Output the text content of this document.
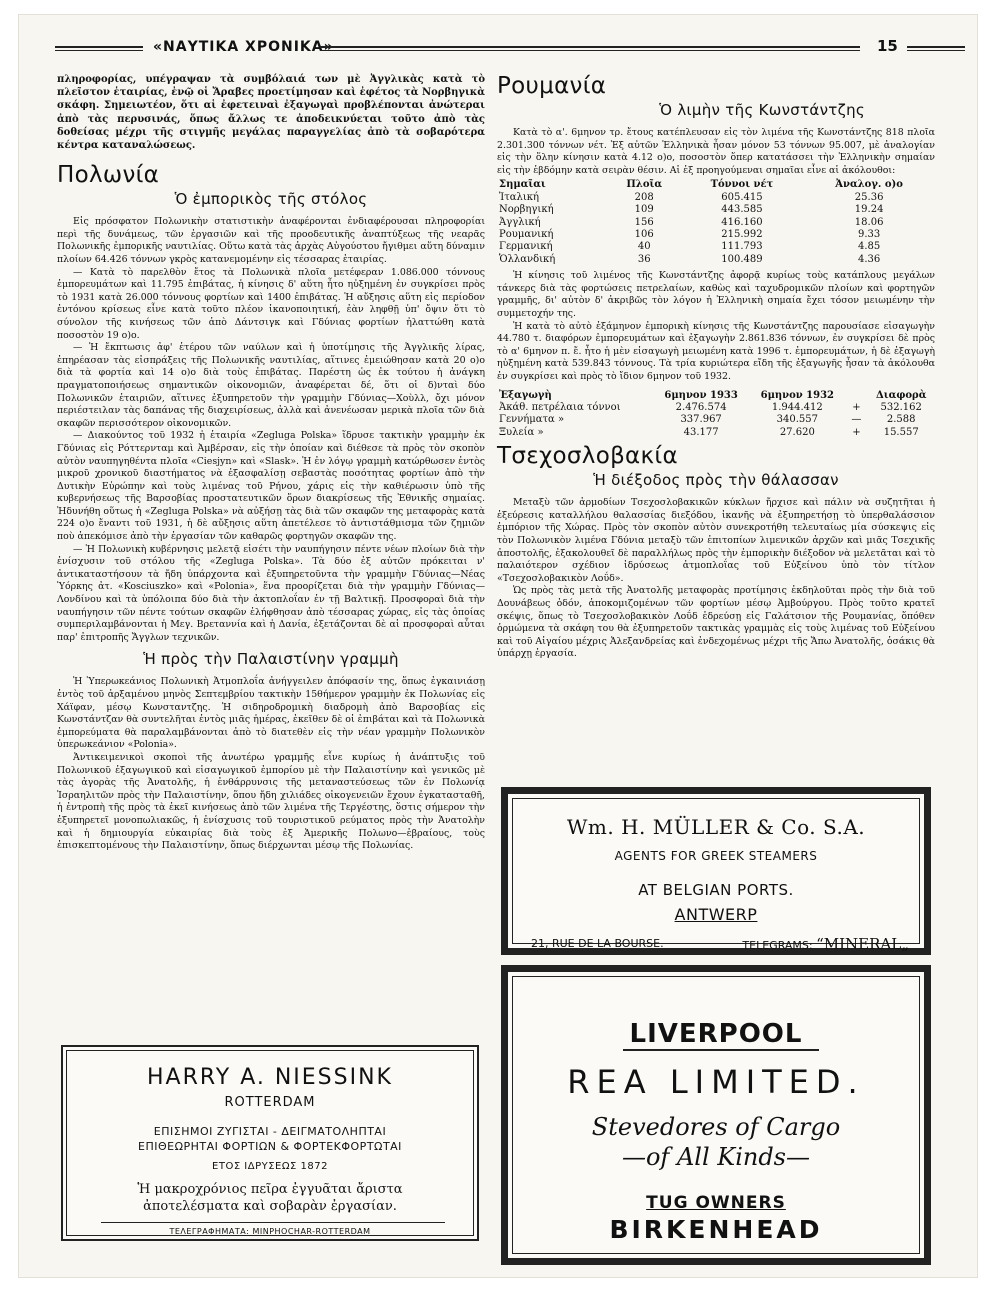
«ΝΑΥΤΙΚΑ ΧΡΟΝΙΚΑ»	15
πληροφορίας, υπέγραψαν τὰ συμβόλαιά των μὲ Ἀγγλικὰς κατὰ τὸ πλεῖστον ἑταιρίας, ἐνῷ οἱ Ἄραβες προετίμησαν καὶ ἐφέτος τὰ Νορβηγικὰ σκάφη. Σημειωτέον, ὅτι αἱ ἐφετειναὶ ἐξαγωγαὶ προβλέπονται ἀνώτεραι ἀπὸ τὰς περυσινάς, ὅπως ἄλλως τε ἀποδεικνύεται τοῦτο ἀπὸ τὰς δοθείσας μέχρι τῆς στιγμῆς μεγάλας παραγγελίας ἀπὸ τὰ σοβαρότερα κέντρα καταναλώσεως.
Πολωνία
Ὁ ἐμπορικὸς τῆς στόλος

Εἰς πρόσφατον Πολωνικὴν στατιστικὴν ἀναφέρονται ἐνδιαφέρουσαι πληροφορίαι περὶ τῆς δυνάμεως, τῶν ἐργασιῶν καὶ τῆς προοδευτικῆς ἀναπτύξεως τῆς νεαρᾶς Πολωνικῆς ἐμπορικῆς ναυτιλίας. Οὕτω κατὰ τὰς ἀρχὰς Αὐγούστου ἤγιθμει αὕτη δύναμιν πλοίων 64.426 τόννων γκρὸς κατανεμομένην εἰς τέσσαρας ἑταιρίας.

— Κατὰ τὸ παρελθὸν ἔτος τὰ Πολωνικὰ πλοῖα μετέφεραν 1.086.000 τόννους ἐμπορευμάτων καὶ 11.795 ἐπιβάτας, ἡ κίνησις δ' αὕτη ἦτο ηὐξημένη ἐν συγκρίσει πρὸς τὸ 1931 κατὰ 26.000 τόννους φορτίων καὶ 1400 ἐπιβάτας. Ἡ αὔξησις αὕτη εἰς περίοδον ἐντόνου κρίσεως εἶνε κατὰ τοῦτο πλέον ἱκανοποιητική, ἐὰν ληφθῇ ὑπ' ὄψιν ὅτι τὸ σύνολον τῆς κινήσεως τῶν ἀπὸ Δάντσιγκ καὶ Γδύνιας φορτίων ἠλαττώθη κατὰ ποσοστὸν 19 ο)ο.

— Ἡ ἔκπτωσις ἀφ' ἑτέρου τῶν ναύλων καὶ ἡ ὑποτίμησις τῆς Ἀγγλικῆς λίρας, ἐπηρέασαν τὰς εἰσπράξεις τῆς Πολωνικῆς ναυτιλίας, αἵτινες ἐμειώθησαν κατὰ 20 ο)ο διὰ τὰ φορτία καὶ 14 ο)ο διὰ τοὺς ἐπιβάτας. Παρέστη ὡς ἐκ τούτου ἡ ἀνάγκη πραγματοποιήσεως σημαντικῶν οἰκονομιῶν, ἀναφέρεται δέ, ὅτι οἱ δ)νταὶ δύο Πολωνικῶν ἑταιριῶν, αἵτινες ἐξυπηρετοῦν τὴν γραμμὴν Γδύνιας—Χοὺλλ, ὄχι μόνον περιέστειλαν τὰς δαπάνας τῆς διαχειρίσεως, ἀλλὰ καὶ ἀνενέωσαν μερικὰ πλοῖα τῶν διὰ σκαφῶν περισσότερον οἰκονομικῶν.

— Διακούντος τοῦ 1932 ἡ ἑταιρία «Zegluga Polska» ἵδρυσε τακτικὴν γραμμὴν ἐκ Γδύνιας εἰς Ρόττερνταμ καὶ Ἀμβέρσαν, εἰς τὴν ὁποίαν καὶ διέθεσε τὰ πρὸς τὸν σκοπὸν αὐτὸν ναυπηγηθέντα πλοῖα «Ciesjyn» καὶ «Slask». Ἡ ἐν λόγῳ γραμμὴ κατώρθωσεν ἐντὸς μικροῦ χρονικοῦ διαστήματος νὰ ἐξασφαλίσῃ σεβαστὰς ποσότητας φορτίων ἀπὸ τὴν Δυτικὴν Εὐρώπην καὶ τοὺς λιμένας τοῦ Ρήνου, χάρις εἰς τὴν καθιέρωσιν ὑπὸ τῆς κυβερνήσεως τῆς Βαρσοβίας προστατευτικῶν ὅρων διακρίσεως τῆς Ἐθνικῆς σημαίας. Ἠδυνήθη οὕτως ἡ «Zegluga Polska» νὰ αὐξήσῃ τὰς διὰ τῶν σκαφῶν της μεταφορὰς κατὰ 224 ο)ο ἔναντι τοῦ 1931, ἡ δὲ αὔξησις αὕτη ἀπετέλεσε τὸ ἀντιστάθμισμα τῶν ζημιῶν ποὺ ἀπεκόμισε ἀπὸ τὴν ἐργασίαν τῶν καθαρῶς φορτηγῶν σκαφῶν της.

— Ἡ Πολωνικὴ κυβέρνησις μελετᾷ εἰσέτι τὴν ναυπήγησιν πέντε νέων πλοίων διὰ τὴν ἐνίσχυσιν τοῦ στόλου τῆς «Zegluga Polska». Τὰ δύο ἐξ αὐτῶν πρόκειται ν' ἀντικαταστήσουν τὰ ἤδη ὑπάρχοντα καὶ ἐξυπηρετοῦντα τὴν γραμμὴν Γδύνιας—Νέας Ὑόρκης ἀτ. «Kosciuszko» καὶ «Polonia», ἕνα προορίζεται διὰ τὴν γραμμὴν Γδύνιας—Λονδίνου καὶ τὰ ὑπόλοιπα δύο διὰ τὴν ἀκτοπλοΐαν ἐν τῇ Βαλτικῇ. Προσφοραὶ διὰ τὴν ναυπήγησιν τῶν πέντε τούτων σκαφῶν ἐλήφθησαν ἀπὸ τέσσαρας χώρας, εἰς τὰς ὁποίας συμπεριλαμβάνονται ἡ Μεγ. Βρεταννία καὶ ἡ Δανία, ἐξετάζονται δὲ αἱ προσφοραὶ αὗται παρ' ἐπιτροπῆς Ἄγγλων τεχνικῶν.

Ἡ πρὸς τὴν Παλαιστίνην γραμμὴ

Ἡ Ὑπερωκεάνιος Πολωνικὴ Ἀτμοπλοΐα ἀνήγγειλεν ἀπόφασίν της, ὅπως ἐγκαινιάσῃ ἐντὸς τοῦ ἀρξαμένου μηνὸς Σεπτεμβρίου τακτικὴν 15θήμερον γραμμὴν ἐκ Πολωνίας εἰς Χάϊφαν, μέσῳ Κωνσταντζης. Ἡ σιδηροδρομικὴ διαδρομὴ ἀπὸ Βαρσοβίας εἰς Κωνστάντζαν θὰ συντελῆται ἐντὸς μιᾶς ἡμέρας, ἐκεῖθεν δὲ οἱ ἐπιβάται καὶ τὰ Πολωνικὰ ἐμπορεύματα θὰ παραλαμβάνονται ἀπὸ τὸ διατεθὲν εἰς τὴν νέαν γραμμὴν Πολωνικὸν ὑπερωκεάνιον «Polonia».

Ἀντικειμενικοὶ σκοποὶ τῆς ἀνωτέρω γραμμῆς εἶνε κυρίως ἡ ἀνάπτυξις τοῦ Πολωνικοῦ ἐξαγωγικοῦ καὶ εἰσαγωγικοῦ ἐμπορίου μὲ τὴν Παλαιστίνην καὶ γενικῶς μὲ τὰς ἀγορὰς τῆς Ἀνατολῆς, ἡ ἐνθάρρυνσις τῆς μεταναστεύσεως τῶν ἐν Πολωνίᾳ Ἰσραηλιτῶν πρὸς τὴν Παλαιστίνην, ὅπου ἤδη χιλιάδες οἰκογενειῶν ἔχουν ἐγκατασταθῆ, ἡ ἐντροπὴ τῆς πρὸς τὰ ἐκεῖ κινήσεως ἀπὸ τῶν λιμένα τῆς Τεργέστης, ὅστις σήμερον τὴν ἐξυπηρετεῖ μονοπωλιακῶς, ἡ ἐνίσχυσις τοῦ τουριστικοῦ ρεύματος πρὸς τὴν Ἀνατολὴν καὶ ἡ δημιουργία εὐκαιρίας διὰ τοὺς ἐξ Ἀμερικῆς Πολωνο—ἑβραίους, τοὺς ἐπισκεπτομένους τὴν Παλαιστίνην, ὅπως διέρχωνται μέσῳ τῆς Πολωνίας.

Ρουμανία
Ὁ λιμὴν τῆς Κωνστάντζης

Κατὰ τὸ α'. 6μηνον τρ. ἔτους κατέπλευσαν εἰς τὸν λιμένα τῆς Κωνστάντζης 818 πλοῖα 2.301.300 τόννων νέτ. Ἐξ αὐτῶν Ἑλληνικὰ ἦσαν μόνον 53 τόννων 95.007, μὲ ἀναλογίαν εἰς τὴν ὅλην κίνησιν κατὰ 4.12 ο)ο, ποσοστὸν ὅπερ κατατάσσει τὴν Ἑλληνικὴν σημαίαν εἰς τὴν ἑβδόμην κατὰ σειρὰν θέσιν. Αἱ ἐξ προηγούμεναι σημαῖαι εἶνε αἱ ἀκόλουθοι:

Σημαῖαι	Πλοῖα	Τόννοι νέτ	Ἀναλογ. ο)ο
Ἰταλική	208	605.415	25.36
Νορβηγική	109	443.585	19.24
Ἀγγλική	156	416.160	18.06
Ρουμανική	106	215.992	9.33
Γερμανική	40	111.793	4.85
Ὁλλανδική	36	100.489	4.36

Ἡ κίνησις τοῦ λιμένος τῆς Κωνστάντζης ἀφορᾷ κυρίως τοὺς κατάπλους μεγάλων τάνκερς διὰ τὰς φορτώσεις πετρελαίων, καθὼς καὶ ταχυδρομικῶν πλοίων καὶ φορτηγῶν γραμμῆς, δι' αὐτὸν δ' ἀκριβῶς τὸν λόγον ἡ Ἑλληνικὴ σημαία ἔχει τόσον μειωμένην τὴν συμμετοχήν της.

Ἡ κατὰ τὸ αὐτὸ ἑξάμηνον ἐμπορικὴ κίνησις τῆς Κωνστάντζης παρουσίασε εἰσαγωγὴν 44.780 τ. διαφόρων ἐμπορευμάτων καὶ ἐξαγωγὴν 2.861.836 τόννων, ἐν συγκρίσει δὲ πρὸς τὸ α' 6μηνον π. ἔ. ἦτο ἡ μὲν εἰσαγωγὴ μειωμένη κατὰ 1996 τ. ἐμπορευμάτων, ἡ δὲ ἐξαγωγὴ ηὐξημένη κατὰ 539.843 τόννους. Τὰ τρία κυριώτερα εἴδη τῆς ἐξαγωγῆς ἦσαν τὰ ἀκόλουθα ἐν συγκρίσει καὶ πρὸς τὸ ἴδιον 6μηνον τοῦ 1932.

Ἐξαγωγὴ	6μηνον 1933	6μηνον 1932		Διαφορὰ
Ἀκάθ. πετρέλαια τόννοι	2.476.574	1.944.412	+	532.162
Γεννήματα »	337.967	340.557	—	2.588
Ξυλεία »	43.177	27.620	+	15.557
Τσεχοσλοβακία
Ἡ διέξοδος πρὸς τὴν θάλασσαν

Μεταξὺ τῶν ἁρμοδίων Τσεχοσλοβακικῶν κύκλων ἤρχισε καὶ πάλιν νὰ συζητῆται ἡ ἐξεύρεσις καταλλήλου θαλασσίας διεξόδου, ἱκανῆς νὰ ἐξυπηρετήσῃ τὸ ὑπερθαλάσσιον ἐμπόριον τῆς Χώρας. Πρὸς τὸν σκοπὸν αὐτὸν συνεκροτήθη τελευταίως μία σύσκεψις εἰς τὸν Πολωνικὸν λιμένα Γδύνια μεταξὺ τῶν ἐπιτοπίων λιμενικῶν ἀρχῶν καὶ μιᾶς Τσεχικῆς ἀποστολῆς, ἐξακολουθεῖ δὲ παραλλήλως πρὸς τὴν ἐμπορικὴν διέξοδον νὰ μελετᾶται καὶ τὸ παλαιότερον σχέδιον ἱδρύσεως ἀτμοπλοΐας τοῦ Εὐξείνου ὑπὸ τὸν τίτλον «Τσεχοσλοβακικὸν Λοΰδ».

Ὡς πρὸς τὰς μετὰ τῆς Ἀνατολῆς μεταφορὰς προτίμησις ἐκδηλοῦται πρὸς τὴν διὰ τοῦ Δουνάβεως ὁδόν, ἀποκομιζομένων τῶν φορτίων μέσῳ Ἀμβούργου. Πρὸς τοῦτο κρατεῖ σκέψις, ὅπως τὸ Τσεχοσλοβακικὸν Λοΰδ ἑδρεύσῃ εἰς Γαλάτσιον τῆς Ρουμανίας, ὅπόθεν ὁρμώμενα τὰ σκάφη του θὰ ἐξυπηρετοῦν τακτικὰς γραμμὰς εἰς τοὺς λιμένας τοῦ Εὐξείνου καὶ τοῦ Αἰγαίου μέχρις Ἀλεξανδρείας καὶ ἐνδεχομένως μέχρι τῆς Ἄπω Ἀνατολῆς, ὁσάκις θὰ ὑπάρχῃ ἐργασία.

Wm. H. MÜLLER & Co. S.A.
AGENTS FOR GREEK STEAMERS
AT BELGIAN PORTS.
ANTWERP
21, RUE DE LA BOURSE.	TELEGRAMS: “MINERAL„
LIVERPOOL
REA LIMITED.
Stevedores of Cargo
—of All Kinds—
TUG OWNERS
BIRKENHEAD
HARRY A. NIESSINK
ROTTERDAM
ΕΠΙΣΗΜΟΙ ΖΥΓΙΣΤΑΙ - ΔΕΙΓΜΑΤΟΛΗΠΤΑΙ
ΕΠΙΘΕΩΡΗΤΑΙ ΦΟΡΤΙΩΝ & ΦΟΡΤΕΚΦΟΡΤΩΤΑΙ
ΕΤΟΣ ΙΔΡΥΣΕΩΣ 1872
Ἡ μακροχρόνιος πεῖρα ἐγγυᾶται ἄριστα
ἀποτελέσματα καὶ σοβαρὰν ἐργασίαν.
ΤΕΛΕΓΡΑΦΗΜΑΤΑ: MINPHOCHAR-ROTTERDAM
